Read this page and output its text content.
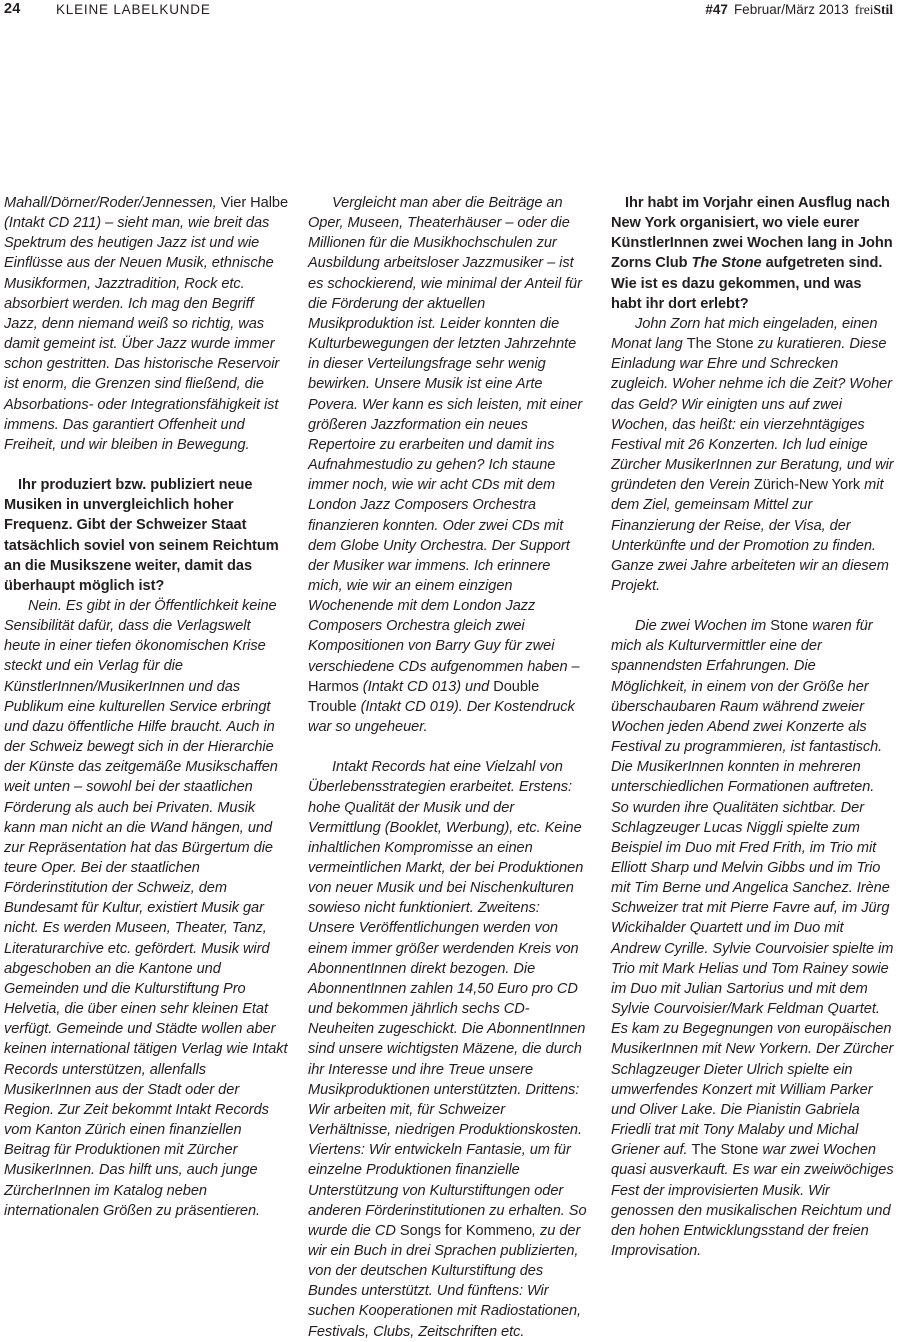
24	KLEINE LABELKUNDE	#47 Februar/März 2013 freiStil

Mahall/Dörner/Roder/Jennessen, Vier Halbe (Intakt CD 211) – sieht man, wie breit das Spektrum des heutigen Jazz ist und wie Einflüsse aus der Neuen Musik, ethnische Musikformen, Jazztradition, Rock etc. absorbiert werden. Ich mag den Begriff Jazz, denn niemand weiß so richtig, was damit gemeint ist. Über Jazz wurde immer schon gestritten. Das historische Reservoir ist enorm, die Grenzen sind fließend, die Absorbations- oder Integrationsfähigkeit ist immens. Das garantiert Offenheit und Freiheit, und wir bleiben in Bewegung.

Ihr produziert bzw. publiziert neue Musiken in unvergleichlich hoher Frequenz. Gibt der Schweizer Staat tatsächlich soviel von seinem Reichtum an die Musikszene weiter, damit das überhaupt möglich ist?

Nein. Es gibt in der Öffentlichkeit keine Sensibilität dafür, dass die Verlagswelt heute in einer tiefen ökonomischen Krise steckt und ein Verlag für die KünstlerInnen/MusikerInnen und das Publikum eine kulturellen Service erbringt und dazu öffentliche Hilfe braucht. Auch in der Schweiz bewegt sich in der Hierarchie der Künste das zeitgemäße Musikschaffen weit unten – sowohl bei der staatlichen Förderung als auch bei Privaten. Musik kann man nicht an die Wand hängen, und zur Repräsentation hat das Bürgertum die teure Oper. Bei der staatlichen Förderinstitution der Schweiz, dem Bundesamt für Kultur, existiert Musik gar nicht. Es werden Museen, Theater, Tanz, Literaturarchive etc. gefördert. Musik wird abgeschoben an die Kantone und Gemeinden und die Kulturstiftung Pro Helvetia, die über einen sehr kleinen Etat verfügt. Gemeinde und Städte wollen aber keinen international tätigen Verlag wie Intakt Records unterstützen, allenfalls MusikerInnen aus der Stadt oder der Region. Zur Zeit bekommt Intakt Records vom Kanton Zürich einen finanziellen Beitrag für Produktionen mit Zürcher MusikerInnen. Das hilft uns, auch junge ZürcherInnen im Katalog neben internationalen Größen zu präsentieren.

Vergleicht man aber die Beiträge an Oper, Museen, Theaterhäuser – oder die Millionen für die Musikhochschulen zur Ausbildung arbeitsloser Jazzmusiker – ist es schockierend, wie minimal der Anteil für die Förderung der aktuellen Musikproduktion ist. Leider konnten die Kulturbewegungen der letzten Jahrzehnte in dieser Verteilungsfrage sehr wenig bewirken. Unsere Musik ist eine Arte Povera. Wer kann es sich leisten, mit einer größeren Jazzformation ein neues Repertoire zu erarbeiten und damit ins Aufnahmestudio zu gehen? Ich staune immer noch, wie wir acht CDs mit dem London Jazz Composers Orchestra finanzieren konnten. Oder zwei CDs mit dem Globe Unity Orchestra. Der Support der Musiker war immens. Ich erinnere mich, wie wir an einem einzigen Wochenende mit dem London Jazz Composers Orchestra gleich zwei Kompositionen von Barry Guy für zwei verschiedene CDs aufgenommen haben – Harmos (Intakt CD 013) und Double Trouble (Intakt CD 019). Der Kostendruck war so ungeheuer.

Intakt Records hat eine Vielzahl von Überlebensstrategien erarbeitet. Erstens: hohe Qualität der Musik und der Vermittlung (Booklet, Werbung), etc. Keine inhaltlichen Kompromisse an einen vermeintlichen Markt, der bei Produktionen von neuer Musik und bei Nischenkulturen sowieso nicht funktioniert. Zweitens: Unsere Veröffentlichungen werden von einem immer größer werdenden Kreis von AbonnentInnen direkt bezogen. Die AbonnentInnen zahlen 14,50 Euro pro CD und bekommen jährlich sechs CD-Neuheiten zugeschickt. Die AbonnentInnen sind unsere wichtigsten Mäzene, die durch ihr Interesse und ihre Treue unsere Musikproduktionen unterstützten. Drittens: Wir arbeiten mit, für Schweizer Verhältnisse, niedrigen Produktionskosten. Viertens: Wir entwickeln Fantasie, um für einzelne Produktionen finanzielle Unterstützung von Kulturstiftungen oder anderen Förderinstitutionen zu erhalten. So wurde die CD Songs for Kommeno, zu der wir ein Buch in drei Sprachen publizierten, von der deutschen Kulturstiftung des Bundes unterstützt. Und fünftens: Wir suchen Kooperationen mit Radiostationen, Festivals, Clubs, Zeitschriften etc.

Ihr habt im Vorjahr einen Ausflug nach New York organisiert, wo viele eurer KünstlerInnen zwei Wochen lang in John Zorns Club The Stone aufgetreten sind. Wie ist es dazu gekommen, und was habt ihr dort erlebt?

John Zorn hat mich eingeladen, einen Monat lang The Stone zu kuratieren. Diese Einladung war Ehre und Schrecken zugleich. Woher nehme ich die Zeit? Woher das Geld? Wir einigten uns auf zwei Wochen, das heißt: ein vierzehntägiges Festival mit 26 Konzerten. Ich lud einige Zürcher MusikerInnen zur Beratung, und wir gründeten den Verein Zürich-New York mit dem Ziel, gemeinsam Mittel zur Finanzierung der Reise, der Visa, der Unterkünfte und der Promotion zu finden. Ganze zwei Jahre arbeiteten wir an diesem Projekt.

Die zwei Wochen im Stone waren für mich als Kulturvermittler eine der spannendsten Erfahrungen. Die Möglichkeit, in einem von der Größe her überschaubaren Raum während zweier Wochen jeden Abend zwei Konzerte als Festival zu programmieren, ist fantastisch. Die MusikerInnen konnten in mehreren unterschiedlichen Formationen auftreten. So wurden ihre Qualitäten sichtbar. Der Schlagzeuger Lucas Niggli spielte zum Beispiel im Duo mit Fred Frith, im Trio mit Elliott Sharp und Melvin Gibbs und im Trio mit Tim Berne und Angelica Sanchez. Irène Schweizer trat mit Pierre Favre auf, im Jürg Wickihalder Quartett und im Duo mit Andrew Cyrille. Sylvie Courvoisier spielte im Trio mit Mark Helias und Tom Rainey sowie im Duo mit Julian Sartorius und mit dem Sylvie Courvoisier/Mark Feldman Quartet. Es kam zu Begegnungen von europäischen MusikerInnen mit New Yorkern. Der Zürcher Schlagzeuger Dieter Ulrich spielte ein umwerfendes Konzert mit William Parker und Oliver Lake. Die Pianistin Gabriela Friedli trat mit Tony Malaby und Michal Griener auf. The Stone war zwei Wochen quasi ausverkauft. Es war ein zweiwöchiges Fest der improvisierten Musik. Wir genossen den musikalischen Reichtum und den hohen Entwicklungsstand der freien Improvisation.
